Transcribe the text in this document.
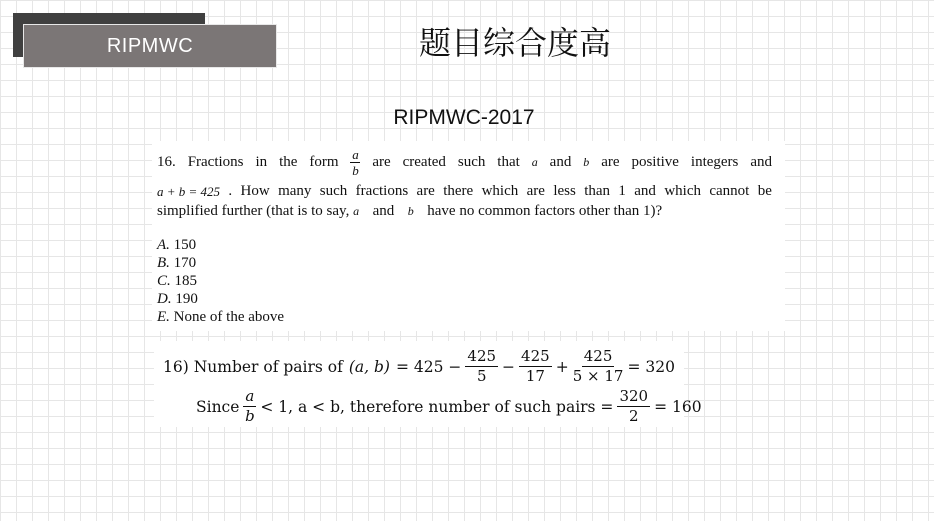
RIPMWC	题目综合度高
RIPMWC-2017
16. Fractions in the form $\frac{a}{b}$ are created such that a and b are positive integers and
a + b = 425 . How many such fractions are there which are less than 1 and which cannot be
simplified further (that is to say, a and b have no common factors other than 1)?
A. 150
B. 170
C. 185
D. 190
E. None of the above
16) Number of pairs of (a, $b) = 425 - \frac{425}{5} - \frac{425}{17} + \frac{425}{5 \times 17} = 320$
Since $\frac{a}{b} < 1$, a < b, therefore number of such pairs = $\frac{320}{2} = 160$
